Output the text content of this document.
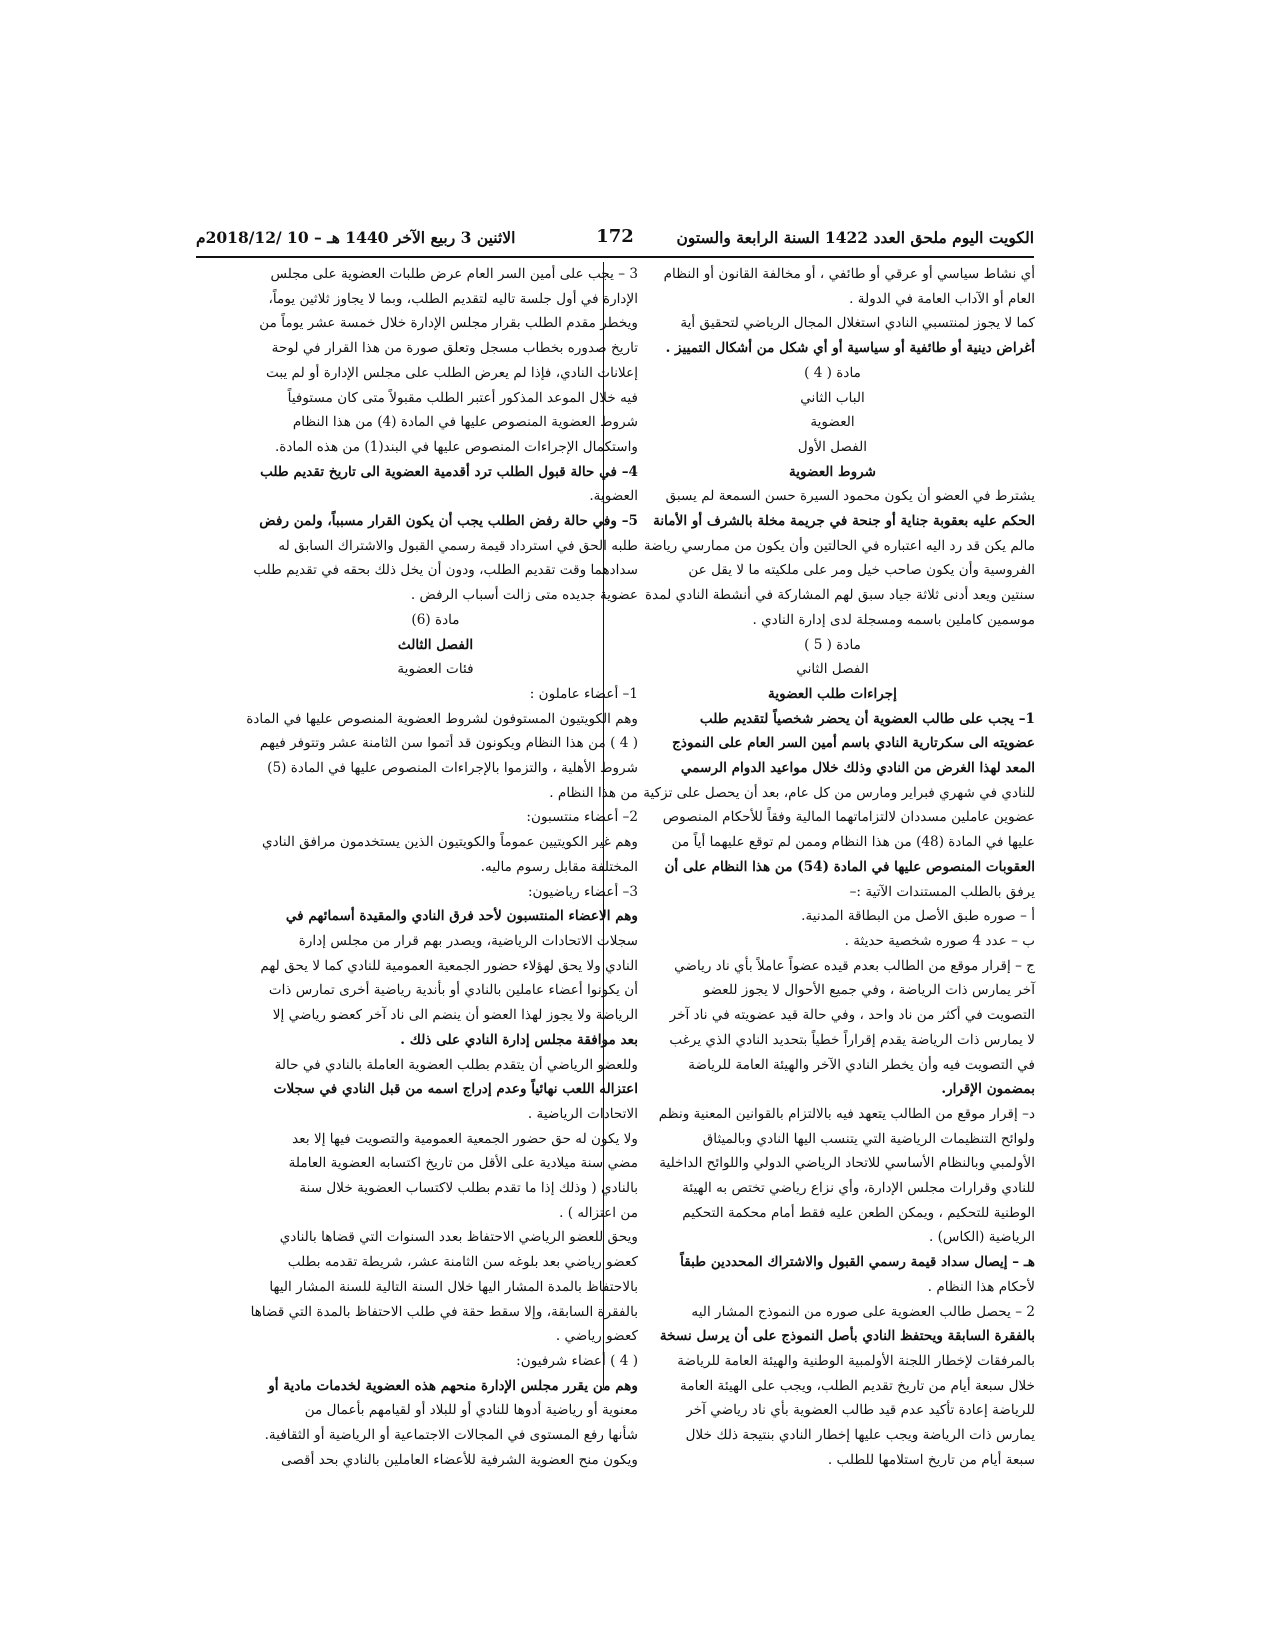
الكويت اليوم ملحق العدد 1422 السنة الرابعة والستون
172
الاثنين 3 ربيع الآخر 1440 هـ – 10 /2018/12م

أي نشاط سياسي أو عرقي أو طائفي ، أو مخالفة القانون أو النظام

العام أو الآداب العامة في الدولة .

كما لا يجوز لمنتسبي النادي استغلال المجال الرياضي لتحقيق أية

أغراض دينية أو طائفية أو سياسية أو أي شكل من أشكال التمييز .

مادة ( 4 )

الباب الثاني

العضوية

الفصل الأول

شروط العضوية

يشترط في العضو أن يكون محمود السيرة حسن السمعة لم يسبق

الحكم عليه بعقوبة جناية أو جنحة في جريمة مخلة بالشرف أو الأمانة

مالم يكن قد رد اليه اعتباره في الحالتين وأن يكون من ممارسي رياضة

الفروسية وأن يكون صاحب خيل ومر على ملكيته ما لا يقل عن

سنتين ويعد أدنى ثلاثة جياد سبق لهم المشاركة في أنشطة النادي لمدة

موسمين كاملين باسمه ومسجلة لدى إدارة النادي .

مادة ( 5 )

الفصل الثاني

إجراءات طلب العضوية

1– يجب على طالب العضوية أن يحضر شخصياً لتقديم طلب

عضويته الى سكرتارية النادي باسم أمين السر العام على النموذج

المعد لهذا الغرض من النادي وذلك خلال مواعيد الدوام الرسمي

للنادي في شهري فبراير ومارس من كل عام، بعد أن يحصل على تزكية

عضوين عاملين مسددان لالتزاماتهما المالية وفقاً للأحكام المنصوص

عليها في المادة (48) من هذا النظام وممن لم توقع عليهما أياً من

العقوبات المنصوص عليها في المادة (54) من هذا النظام على أن

يرفق بالطلب المستندات الآتية :–

أ – صوره طبق الأصل من البطاقة المدنية.

ب – عدد 4 صوره شخصية حديثة .

ج – إقرار موقع من الطالب بعدم قيده عضواً عاملاً بأي ناد رياضي

آخر يمارس ذات الرياضة ، وفي جميع الأحوال لا يجوز للعضو

التصويت في أكثر من ناد واحد ، وفي حالة قيد عضويته في ناد آخر

لا يمارس ذات الرياضة يقدم إقراراً خطياً بتحديد النادي الذي يرغب

في التصويت فيه وأن يخطر النادي الآخر والهيئة العامة للرياضة

بمضمون الإقرار.

د– إقرار موقع من الطالب يتعهد فيه بالالتزام بالقوانين المعنية ونظم

ولوائح التنظيمات الرياضية التي يتنسب اليها النادي وبالميثاق

الأولمبي وبالنظام الأساسي للاتحاد الرياضي الدولي واللوائح الداخلية

للنادي وقرارات مجلس الإدارة، وأي نزاع رياضي تختص به الهيئة

الوطنية للتحكيم ، ويمكن الطعن عليه فقط أمام محكمة التحكيم

الرياضية (الكاس) .

هـ – إيصال سداد قيمة رسمي القبول والاشتراك المحددين طبقاً

لأحكام هذا النظام .

2 – يحصل طالب العضوية على صوره من النموذج المشار اليه

بالفقرة السابقة ويحتفظ النادي بأصل النموذج على أن يرسل نسخة

بالمرفقات لإخطار اللجنة الأولمبية الوطنية والهيئة العامة للرياضة

خلال سبعة أيام من تاريخ تقديم الطلب، ويجب على الهيئة العامة

للرياضة إعادة تأكيد عدم قيد طالب العضوية بأي ناد رياضي آخر

يمارس ذات الرياضة ويجب عليها إخطار النادي بنتيجة ذلك خلال

سبعة أيام من تاريخ استلامها للطلب .

3 – يجب على أمين السر العام عرض طلبات العضوية على مجلس

الإدارة في أول جلسة تاليه لتقديم الطلب، وبما لا يجاوز ثلاثين يوماً،

ويخطر مقدم الطلب بقرار مجلس الإدارة خلال خمسة عشر يوماً من

تاريخ صدوره بخطاب مسجل وتعلق صورة من هذا القرار في لوحة

إعلانات النادي، فإذا لم يعرض الطلب على مجلس الإدارة أو لم يبت

فيه خلال الموعد المذكور أعتبر الطلب مقبولاً متى كان مستوفياً

شروط العضوية المنصوص عليها في المادة (4) من هذا النظام

واستكمال الإجراءات المنصوص عليها في البند(1) من هذه المادة.

4– في حالة قبول الطلب ترد أقدمية العضوية الى تاريخ تقديم طلب

العضوية.

5– وفي حالة رفض الطلب يجب أن يكون القرار مسبباً، ولمن رفض

طلبه الحق في استرداد قيمة رسمي القبول والاشتراك السابق له

سدادهما وقت تقديم الطلب، ودون أن يخل ذلك بحقه في تقديم طلب

عضوية جديده متى زالت أسباب الرفض .

مادة (6)

الفصل الثالث

فئات العضوية

1– أعضاء عاملون :

وهم الكويتيون المستوفون لشروط العضوية المنصوص عليها في المادة

( 4 ) من هذا النظام ويكونون قد أتموا سن الثامنة عشر وتتوفر فيهم

شروط الأهلية ، والتزموا بالإجراءات المنصوص عليها في المادة (5)

من هذا النظام .

2– أعضاء منتسبون:

وهم غير الكويتيين عموماً والكويتيون الذين يستخدمون مرافق النادي

المختلفة مقابل رسوم ماليه.

3– أعضاء رياضيون:

وهم الاعضاء المنتسبون لأحد فرق النادي والمقيدة أسمائهم في

سجلات الاتحادات الرياضية، ويصدر بهم قرار من مجلس إدارة

النادي ولا يحق لهؤلاء حضور الجمعية العمومية للنادي كما لا يحق لهم

أن يكونوا أعضاء عاملين بالنادي أو بأندية رياضية أخرى تمارس ذات

الرياضة ولا يجوز لهذا العضو أن ينضم الى ناد آخر كعضو رياضي إلا

بعد موافقة مجلس إدارة النادي على ذلك .

وللعضو الرياضي أن يتقدم بطلب العضوية العاملة بالنادي في حالة

اعتزاله اللعب نهائياً وعدم إدراج اسمه من قبل النادي في سجلات

الاتحادات الرياضية .

ولا يكون له حق حضور الجمعية العمومية والتصويت فيها إلا بعد

مضي سنة ميلادية على الأقل من تاريخ اكتسابه العضوية العاملة

بالنادي ( وذلك إذا ما تقدم بطلب لاكتساب العضوية خلال سنة

من اعتزاله ) .

ويحق للعضو الرياضي الاحتفاظ بعدد السنوات التي قضاها بالنادي

كعضو رياضي بعد بلوغه سن الثامنة عشر، شريطة تقدمه بطلب

بالاحتفاظ بالمدة المشار اليها خلال السنة التالية للسنة المشار اليها

بالفقرة السابقة، وإلا سقط حقة في طلب الاحتفاظ بالمدة التي قضاها

كعضو رياضي .

( 4 ) أعضاء شرفيون:

وهم من يقرر مجلس الإدارة منحهم هذه العضوية لخدمات مادية أو

معنوية أو رياضية أدوها للنادي أو للبلاد أو لقيامهم بأعمال من

شأنها رفع المستوى في المجالات الاجتماعية أو الرياضية أو الثقافية.

ويكون منح العضوية الشرفية للأعضاء العاملين بالنادي بحد أقصى
